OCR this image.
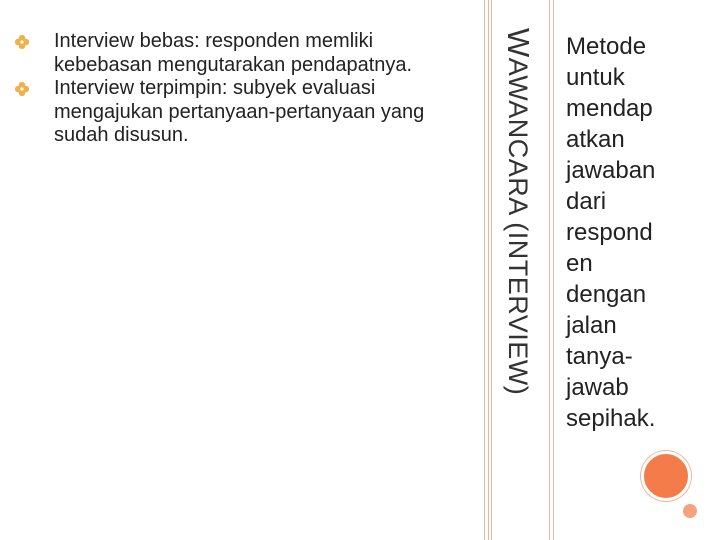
Interview bebas: responden memliki kebebasan mengutarakan pendapatnya.
Interview terpimpin: subyek evaluasi mengajukan pertanyaan-pertanyaan yang sudah disusun.
WAWANCARA (INTERVIEW)

Metode
untuk
mendap
atkan
jawaban
dari
respond
en
dengan
jalan
tanya-
jawab
sepihak.
